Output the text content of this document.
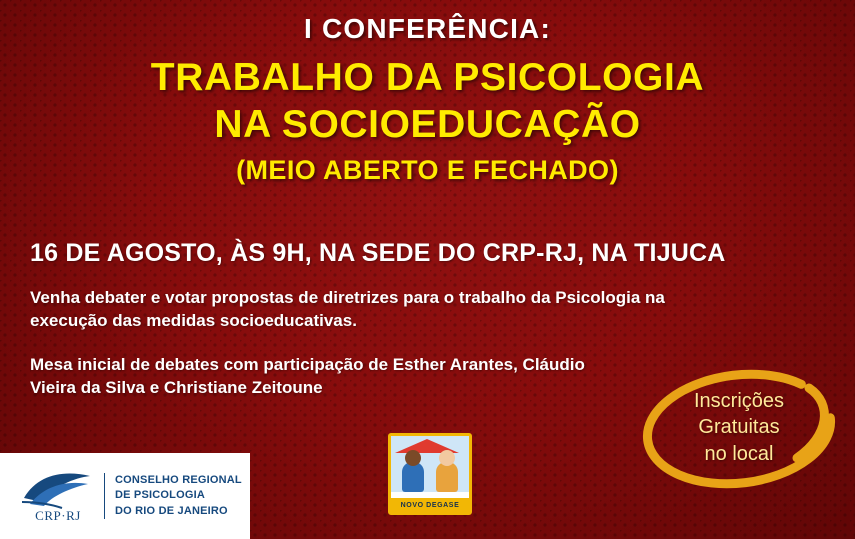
I CONFERÊNCIA:
TRABALHO DA PSICOLOGIA
NA SOCIOEDUCAÇÃO
(MEIO ABERTO E FECHADO)
16 DE AGOSTO, ÀS 9H, NA SEDE DO CRP-RJ, NA TIJUCA
Venha debater e votar propostas de diretrizes para o trabalho da Psicologia na execução das medidas socioeducativas.
Mesa inicial de debates com participação de Esther Arantes, Cláudio Vieira da Silva e Christiane Zeitoune
Inscrições
Gratuitas
no local
CRP·RJ
CONSELHO REGIONAL
DE PSICOLOGIA
DO RIO DE JANEIRO	NOVO DEGASE
